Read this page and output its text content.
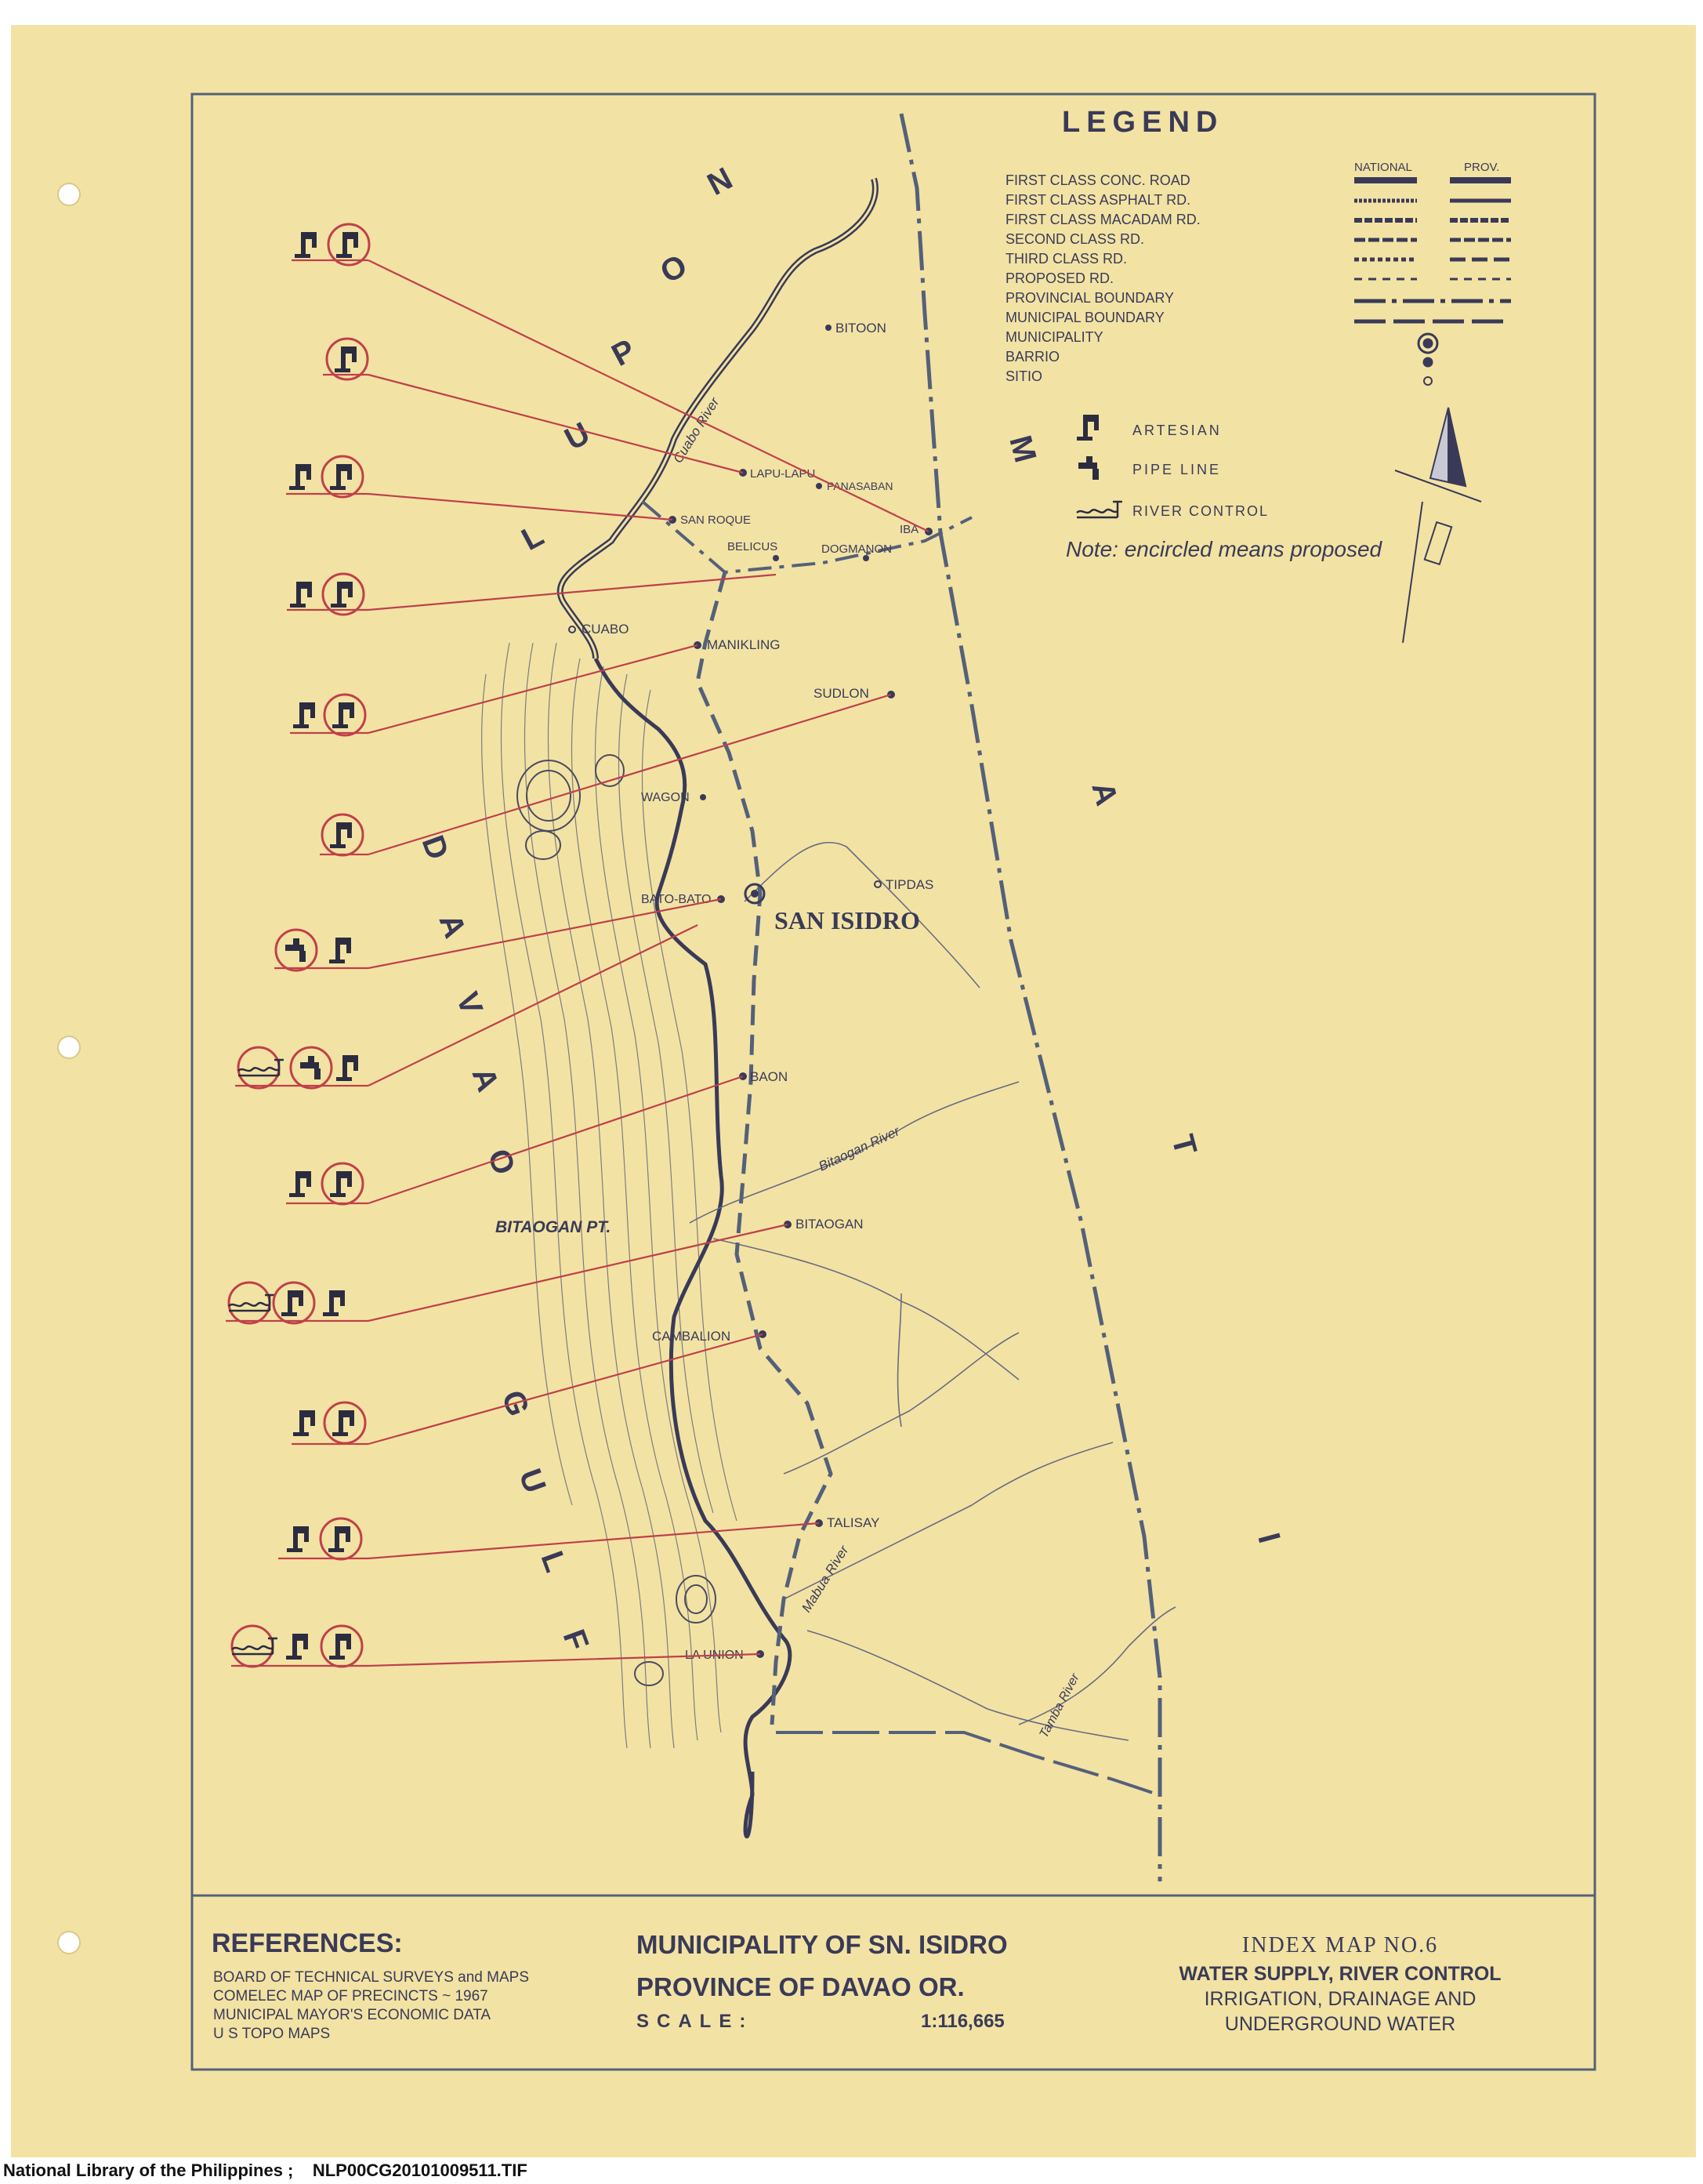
BITOON
LAPU-LAPU
PANASABAN
SAN ROQUE
IBA
BELICUS	DOGMANON
CUABO
MANIKLING
SUDLON
WAGON
TIPDAS
BATO-BATO
SAN ISIDRO
BAON
BITAOGAN PT.	BITAOGAN
CAMBALION
TALISAY
LA UNION
Cuabo River
Bitaogan River
Mabua River
Tamba River
L
U
P
O
N
D
A
V
A
O
G
U
L
F
M
A
T
I
LEGEND
NATIONAL	PROV.
FIRST CLASS CONC. ROAD
FIRST CLASS ASPHALT RD.
FIRST CLASS MACADAM RD.
SECOND CLASS RD.
THIRD CLASS RD.
PROPOSED RD.
PROVINCIAL BOUNDARY
MUNICIPAL BOUNDARY
MUNICIPALITY
BARRIO
SITIO
ARTESIAN
PIPE LINE
RIVER CONTROL
Note: encircled means proposed
REFERENCES:
BOARD OF TECHNICAL SURVEYS and MAPS
COMELEC MAP OF PRECINCTS ~ 1967
MUNICIPAL MAYOR'S ECONOMIC DATA
U S TOPO MAPS
MUNICIPALITY OF SN. ISIDRO
PROVINCE OF DAVAO OR.
SCALE:	1:116,665
INDEX MAP NO.6
WATER SUPPLY, RIVER CONTROL
IRRIGATION, DRAINAGE AND
UNDERGROUND WATER
National Library of the Philippines ; NLP00CG20101009511.TIF
